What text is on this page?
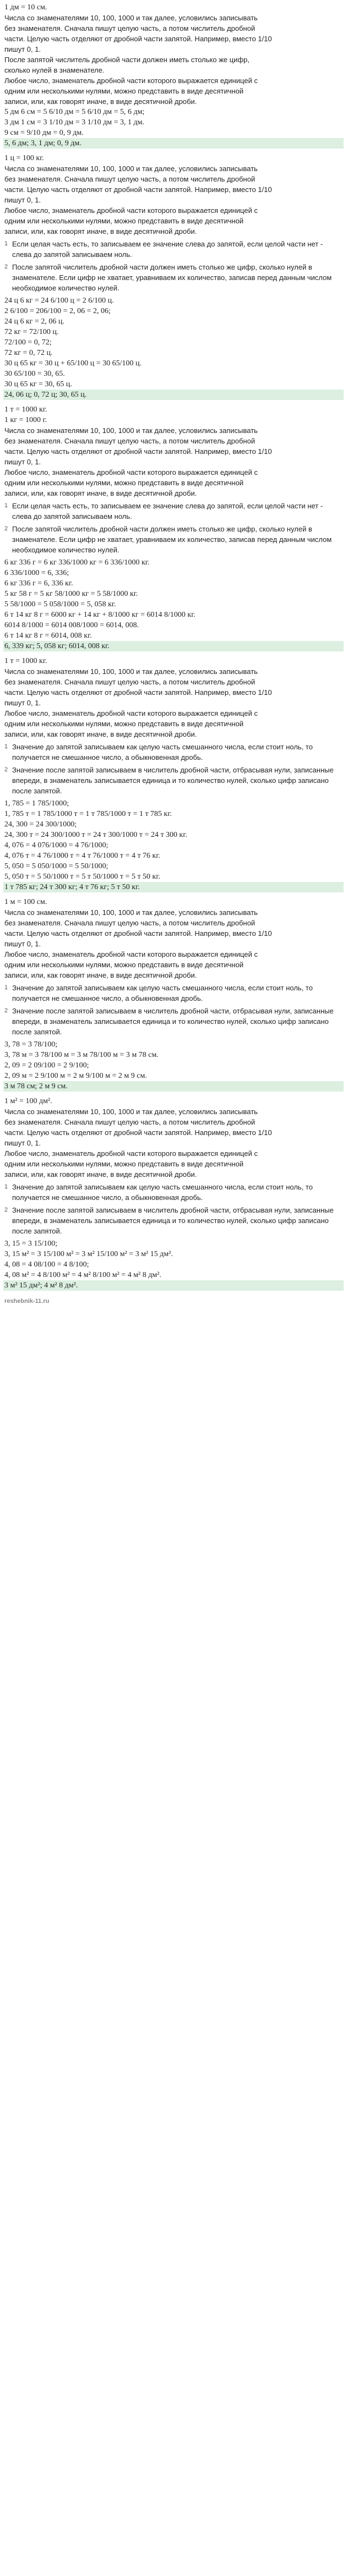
1 дм = 10 см.
Числа со знаменателями 10, 100, 1000 и так далее, условились записывать
без знаменателя. Сначала пишут целую часть, а потом числитель дробной
части. Целую часть отделяют от дробной части запятой. Например, вместо 1/10
пишут 0, 1.
После запятой числитель дробной части должен иметь столько же цифр,
сколько нулей в знаменателе.
Любое число, знаменатель дробной части которого выражается единицей с
одним или несколькими нулями, можно представить в виде десятичной
записи, или, как говорят иначе, в виде десятичной дроби.
5 дм 6 см = 5 6/10 дм = 5 6/10 дм = 5, 6 дм;
3 дм 1 см = 3 1/10 дм = 3 1/10 дм = 3, 1 дм.
9 см = 9/10 дм = 0, 9 дм.
5, 6 дм; 3, 1 дм; 0, 9 дм.
1 ц = 100 кг.
Числа со знаменателями 10, 100, 1000 и так далее, условились записывать
без знаменателя. Сначала пишут целую часть, а потом числитель дробной
части. Целую часть отделяют от дробной части запятой. Например, вместо 1/10
пишут 0, 1.
Любое число, знаменатель дробной части которого выражается единицей с
одним или несколькими нулями, можно представить в виде десятичной
записи, или, как говорят иначе, в виде десятичной дроби.
1 Если целая часть есть, то записываем ее значение слева до запятой, если целой части нет - слева до запятой записываем ноль.
2 После запятой числитель дробной части должен иметь столько же цифр, сколько нулей в знаменателе. Если цифр не хватает, уравниваем их количество, записав перед данным числом необходимое количество нулей.
24 ц 6 кг = 24 6/100 ц = 2 6/100 ц.
2 6/100 = 206/100 = 2, 06 = 2, 06;
24 ц 6 кг = 2, 06 ц.
72 кг = 72/100 ц.
72/100 = 0, 72;
72 кг = 0, 72 ц.
30 ц 65 кг = 30 ц + 65/100 ц = 30 65/100 ц.
30 65/100 = 30, 65.
30 ц 65 кг = 30, 65 ц.
24, 06 ц; 0, 72 ц; 30, 65 ц.
1 т = 1000 кг.
1 кг = 1000 г.
Числа со знаменателями 10, 100, 1000 и так далее, условились записывать
без знаменателя. Сначала пишут целую часть, а потом числитель дробной
части. Целую часть отделяют от дробной части запятой. Например, вместо 1/10
пишут 0, 1.
Любое число, знаменатель дробной части которого выражается единицей с
одним или несколькими нулями, можно представить в виде десятичной
записи, или, как говорят иначе, в виде десятичной дроби.
1 Если целая часть есть, то записываем ее значение слева до запятой, если целой части нет - слева до запятой записываем ноль.
2 После запятой числитель дробной части должен иметь столько же цифр, сколько нулей в знаменателе. Если цифр не хватает, уравниваем их количество, записав перед данным числом необходимое количество нулей.
6 кг 336 г = 6 кг 336/1000 кг = 6 336/1000 кг.
6 336/1000 = 6, 336;
6 кг 336 г = 6, 336 кг.
5 кг 58 г = 5 кг 58/1000 кг = 5 58/1000 кг.
5 58/1000 = 5 058/1000 = 5, 058 кг.
6 т 14 кг 8 г = 6000 кг + 14 кг + 8/1000 кг = 6014 8/1000 кг.
6014 8/1000 = 6014 008/1000 = 6014, 008.
6 т 14 кг 8 г = 6014, 008 кг.
6, 339 кг; 5, 058 кг; 6014, 008 кг.
1 т = 1000 кг.
Числа со знаменателями 10, 100, 1000 и так далее, условились записывать
без знаменателя. Сначала пишут целую часть, а потом числитель дробной
части. Целую часть отделяют от дробной части запятой. Например, вместо 1/10
пишут 0, 1.
Любое число, знаменатель дробной части которого выражается единицей с
одним или несколькими нулями, можно представить в виде десятичной
записи, или, как говорят иначе, в виде десятичной дроби.
1 Значение до запятой записываем как целую часть смешанного числа, если стоит ноль, то получается не смешанное число, а обыкновенная дробь.
2 Значение после запятой записываем в числитель дробной части, отбрасывая нули, записанные впереди, в знаменатель записывается единица и то количество нулей, сколько цифр записано после запятой.
1, 785 = 1 785/1000;
1, 785 т = 1 785/1000 т = 1 т 785/1000 т = 1 т 785 кг.
24, 300 = 24 300/1000;
24, 300 т = 24 300/1000 т = 24 т 300/1000 т = 24 т 300 кг.
4, 076 = 4 076/1000 = 4 76/1000;
4, 076 т = 4 76/1000 т = 4 т 76/1000 т = 4 т 76 кг.
5, 050 = 5 050/1000 = 5 50/1000;
5, 050 т = 5 50/1000 т = 5 т 50/1000 т = 5 т 50 кг.
1 т 785 кг; 24 т 300 кг; 4 т 76 кг; 5 т 50 кг.
1 м = 100 см.
Числа со знаменателями 10, 100, 1000 и так далее, условились записывать
без знаменателя. Сначала пишут целую часть, а потом числитель дробной
части. Целую часть отделяют от дробной части запятой. Например, вместо 1/10
пишут 0, 1.
Любое число, знаменатель дробной части которого выражается единицей с
одним или несколькими нулями, можно представить в виде десятичной
записи, или, как говорят иначе, в виде десятичной дроби.
1 Значение до запятой записываем как целую часть смешанного числа, если стоит ноль, то получается не смешанное число, а обыкновенная дробь.
2 Значение после запятой записываем в числитель дробной части, отбрасывая нули, записанные впереди, в знаменатель записывается единица и то количество нулей, сколько цифр записано после запятой.
3, 78 = 3 78/100;
3, 78 м = 3 78/100 м = 3 м 78/100 м = 3 м 78 см.
2, 09 = 2 09/100 = 2 9/100;
2, 09 м = 2 9/100 м = 2 м 9/100 м = 2 м 9 см.
3 м 78 см; 2 м 9 см.
1 м² = 100 дм².
Числа со знаменателями 10, 100, 1000 и так далее, условились записывать
без знаменателя. Сначала пишут целую часть, а потом числитель дробной
части. Целую часть отделяют от дробной части запятой. Например, вместо 1/10
пишут 0, 1.
Любое число, знаменатель дробной части которого выражается единицей с
одним или несколькими нулями, можно представить в виде десятичной
записи, или, как говорят иначе, в виде десятичной дроби.
1 Значение до запятой записываем как целую часть смешанного числа, если стоит ноль, то получается не смешанное число, а обыкновенная дробь.
2 Значение после запятой записываем в числитель дробной части, отбрасывая нули, записанные впереди, в знаменатель записывается единица и то количество нулей, сколько цифр записано после запятой.
3, 15 = 3 15/100;
3, 15 м² = 3 15/100 м² = 3 м² 15/100 м² = 3 м² 15 дм².
4, 08 = 4 08/100 = 4 8/100;
4, 08 м² = 4 8/100 м² = 4 м² 8/100 м² = 4 м² 8 дм².
3 м² 15 дм²; 4 м² 8 дм².
reshebnik-11.ru
